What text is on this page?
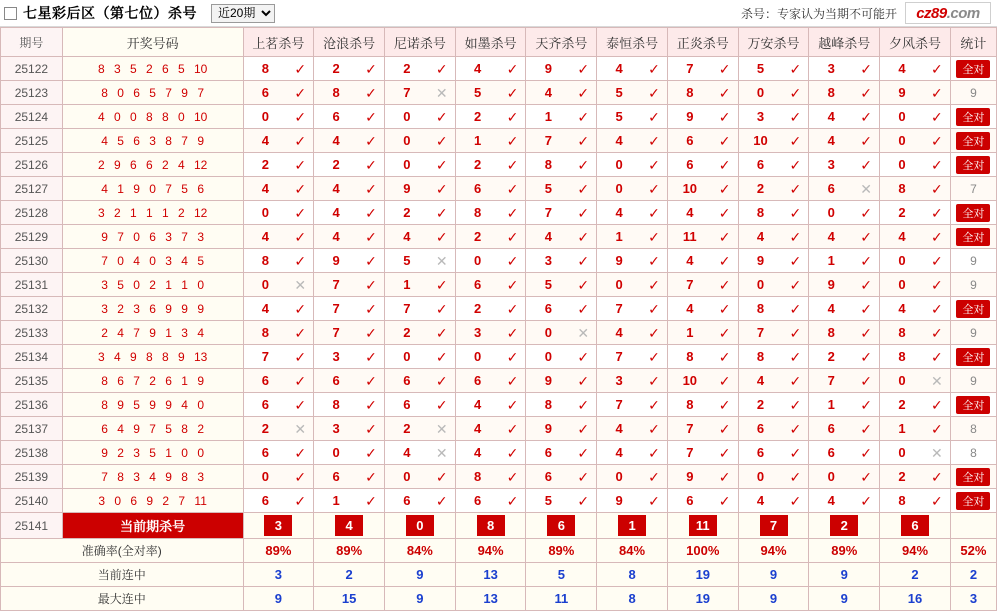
七星彩后区（第七位）杀号
近20期	杀号：专家认为当期不可能开 cz89.com
期号	开奖号码	上茗杀号	沧浪杀号	尼诺杀号	如墨杀号	天齐杀号	泰恒杀号	正炎杀号	万安杀号	越峰杀号	夕风杀号	统计
25122	8 3 5 2 6 5 10	8 ✓	2 ✓	2 ✓	4 ✓	9 ✓	4 ✓	7 ✓	5 ✓	3 ✓	4 ✓	全对
25123	8 0 6 5 7 9 7	6 ✓	8 ✓	7 ✕	5 ✓	4 ✓	5 ✓	8 ✓	0 ✓	8 ✓	9 ✓	9
25124	4 0 0 8 8 0 10	0 ✓	6 ✓	0 ✓	2 ✓	1 ✓	5 ✓	9 ✓	3 ✓	4 ✓	0 ✓	全对
25125	4 5 6 3 8 7 9	4 ✓	4 ✓	0 ✓	1 ✓	7 ✓	4 ✓	6 ✓	10 ✓	4 ✓	0 ✓	全对
25126	2 9 6 6 2 4 12	2 ✓	2 ✓	0 ✓	2 ✓	8 ✓	0 ✓	6 ✓	6 ✓	3 ✓	0 ✓	全对
25127	4 1 9 0 7 5 6	4 ✓	4 ✓	9 ✓	6 ✓	5 ✓	0 ✓	10 ✓	2 ✓	6 ✕	8 ✓	7
25128	3 2 1 1 1 2 12	0 ✓	4 ✓	2 ✓	8 ✓	7 ✓	4 ✓	4 ✓	8 ✓	0 ✓	2 ✓	全对
25129	9 7 0 6 3 7 3	4 ✓	4 ✓	4 ✓	2 ✓	4 ✓	1 ✓	11 ✓	4 ✓	4 ✓	4 ✓	全对
25130	7 0 4 0 3 4 5	8 ✓	9 ✓	5 ✕	0 ✓	3 ✓	9 ✓	4 ✓	9 ✓	1 ✓	0 ✓	9
25131	3 5 0 2 1 1 0	0 ✕	7 ✓	1 ✓	6 ✓	5 ✓	0 ✓	7 ✓	0 ✓	9 ✓	0 ✓	9
25132	3 2 3 6 9 9 9	4 ✓	7 ✓	7 ✓	2 ✓	6 ✓	7 ✓	4 ✓	8 ✓	4 ✓	4 ✓	全对
25133	2 4 7 9 1 3 4	8 ✓	7 ✓	2 ✓	3 ✓	0 ✕	4 ✓	1 ✓	7 ✓	8 ✓	8 ✓	9
25134	3 4 9 8 8 9 13	7 ✓	3 ✓	0 ✓	0 ✓	0 ✓	7 ✓	8 ✓	8 ✓	2 ✓	8 ✓	全对
25135	8 6 7 2 6 1 9	6 ✓	6 ✓	6 ✓	6 ✓	9 ✓	3 ✓	10 ✓	4 ✓	7 ✓	0 ✕	9
25136	8 9 5 9 9 4 0	6 ✓	8 ✓	6 ✓	4 ✓	8 ✓	7 ✓	8 ✓	2 ✓	1 ✓	2 ✓	全对
25137	6 4 9 7 5 8 2	2 ✕	3 ✓	2 ✕	4 ✓	9 ✓	4 ✓	7 ✓	6 ✓	6 ✓	1 ✓	8
25138	9 2 3 5 1 0 0	6 ✓	0 ✓	4 ✕	4 ✓	6 ✓	4 ✓	7 ✓	6 ✓	6 ✓	0 ✕	8
25139	7 8 3 4 9 8 3	0 ✓	6 ✓	0 ✓	8 ✓	6 ✓	0 ✓	9 ✓	0 ✓	0 ✓	2 ✓	全对
25140	3 0 6 9 2 7 11	6 ✓	1 ✓	6 ✓	6 ✓	5 ✓	9 ✓	6 ✓	4 ✓	4 ✓	8 ✓	全对
25141	当前期杀号	3	4	0	8	6	1	11	7	2	6	

准确率(全对率)		89%	89%	84%	94%	89%	84%	100%	94%	89%	94%	52%
当前连中		3	2	9	13	5	8	19	9	9	2	2
最大连中		9	15	9	13	11	8	19	9	9	16	3
